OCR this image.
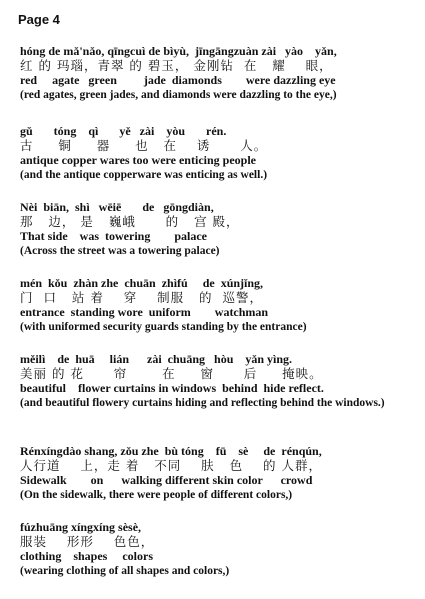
Page 4
hóng de mǎ'nǎo, qīngcuì de bìyù,  jīngāngzuàn zài   yào    yǎn,
红 的 玛瑙，青翠 的 碧玉， 金刚钻  在   耀    眼，
red     agate   green         jade  diamonds        were dazzling eye
(red agates, green jades, and diamonds were dazzling to the eye,)
gǔ       tóng    qì       yě   zài    yòu       rén.
古     铜     器     也   在    诱      人。
antique copper wares too were enticing people
(and the antique copperware was enticing as well.)
Nèi  biān,  shì   wēiē       de   gōngdiàn,
那   边， 是   巍峨      的   宫 殿，
That side    was  towering        palace
(Across the street was a towering palace)
mén  kǒu  zhàn zhe  chuān  zhìfú     de  xúnjǐng,
门  口   站 着    穿    制服   的  巡警，
entrance  standing wore  uniform        watchman
(with uniformed security guards standing by the entrance)
měilì    de  huā     lián      zài  chuāng   hòu    yǎn yìng.
美丽 的 花      帘       在     窗      后     掩映。
beautiful    flower curtains in windows  behind  hide reflect.
(and beautiful flowery curtains hiding and reflecting behind the windows.)
Rénxíngdào shang, zǒu zhe  bù tóng    fū    sè     de  rénqún,
人行道    上，走 着   不同    肤   色    的 人群，
Sidewalk        on      walking different skin color      crowd
(On the sidewalk, there were people of different colors,)
fúzhuāng xíngxíng sèsè,
服装    形形    色色，
clothing    shapes     colors
(wearing clothing of all shapes and colors,)
